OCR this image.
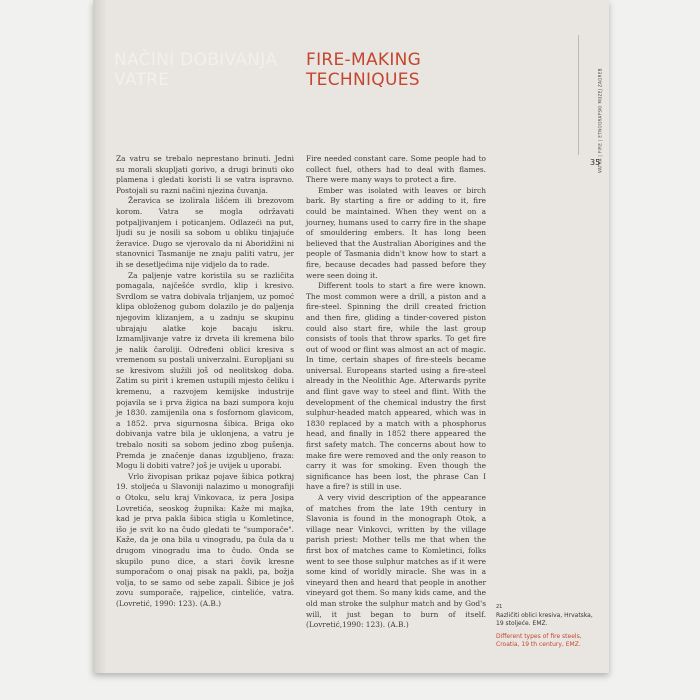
NAČINI DOBIVANJA
VATRE
FIRE-MAKING
TECHNIQUES	VATRA | FIRE | ETNOGRAFSKI MUZEJ ZAGREB
35

Za vatru se trebalo neprestano brinuti. Jedni su morali skupljati gorivo, a drugi brinuti oko plamena i gledati koristi li se vatra ispravno. Postojali su razni načini njezina čuvanja.

Žeravica se izolirala lišćem ili brezovom korom. Vatra se mogla održavati potpaljivanjem i poticanjem. Odlazeći na put, ljudi su je nosili sa sobom u obliku tinjajuće žeravice. Dugo se vjerovalo da ni Aboridžini ni stanovnici Tasmanije ne znaju paliti vatru, jer ih se desetljećima nije vidjelo da to rade.

Za paljenje vatre koristila su se različita pomagala, najčešće svrdlo, klip i kresivo. Svrdlom se vatra dobivala trljanjem, uz pomoć klipa obloženog gubom dolazilo je do paljenja njegovim klizanjem, a u zadnju se skupinu ubrajaju alatke koje bacaju iskru. Izmamljivanje vatre iz drveta ili kremena bilo je nalik čaroliji. Određeni oblici kresiva s vremenom su postali univerzalni. Europljani su se kresivom služili još od neolitskog doba. Zatim su pirit i kremen ustupili mjesto čeliku i kremenu, a razvojem kemijske industrije pojavila se i prva žigica na bazi sumpora koju je 1830. zamijenila ona s fosfornom glavicom, a 1852. prva sigurnosna šibica. Briga oko dobivanja vatre bila je uklonjena, a vatru je trebalo nositi sa sobom jedino zbog pušenja. Premda je značenje danas izgubljeno, fraza: Mogu li dobiti vatre? još je uvijek u uporabi.

Vrlo živopisan prikaz pojave šibica potkraj 19. stoljeća u Slavoniji nalazimo u monografiji o Otoku, selu kraj Vinkovaca, iz pera Josipa Lovretića, seoskog župnika: Kaže mi majka, kad je prva pakla šibica stigla u Komletince, išo je svit ko na čudo gledati te "sumporače". Kaže, da je ona bila u vinogradu, pa čula da u drugom vinogradu ima to čudo. Onda se skupilo puno dice, a stari čovik kresne sumporačom o onaj pisak na pakli, pa, božja volja, to se samo od sebe zapali. Šibice je još zovu sumporače, rajpelice, cinteliće, vatra. (Lovretić, 1990: 123). (A.B.)

Fire needed constant care. Some people had to collect fuel, others had to deal with flames. There were many ways to protect a fire.

Ember was isolated with leaves or birch bark. By starting a fire or adding to it, fire could be maintained. When they went on a journey, humans used to carry fire in the shape of smouldering embers. It has long been believed that the Australian Aborigines and the people of Tasmania didn't know how to start a fire, because decades had passed before they were seen doing it.

Different tools to start a fire were known. The most common were a drill, a piston and a fire-steel. Spinning the drill created friction and then fire, gliding a tinder-covered piston could also start fire, while the last group consists of tools that throw sparks. To get fire out of wood or flint was almost an act of magic. In time, certain shapes of fire-steels became universal. Europeans started using a fire-steel already in the Neolithic Age. Afterwards pyrite and flint gave way to steel and flint. With the development of the chemical industry the first sulphur-headed match appeared, which was in 1830 replaced by a match with a phosphorus head, and finally in 1852 there appeared the first safety match. The concerns about how to make fire were removed and the only reason to carry it was for smoking. Even though the significance has been lost, the phrase Can I have a fire? is still in use.

A very vivid description of the appearance of matches from the late 19th century in Slavonia is found in the monograph Otok, a village near Vinkovci, written by the village parish priest: Mother tells me that when the first box of matches came to Komletinci, folks went to see those sulphur matches as if it were some kind of worldly miracle. She was in a vineyard then and heard that people in another vineyard got them. So many kids came, and the old man stroke the sulphur match and by God's will, it just began to burn of itself. (Lovretić,1990: 123). (A.B.)

21
Različiti oblici kresiva, Hrvatska, 19 stoljeće. EMZ.
Different types of fire steels, Croatia, 19 th century, EMZ.
